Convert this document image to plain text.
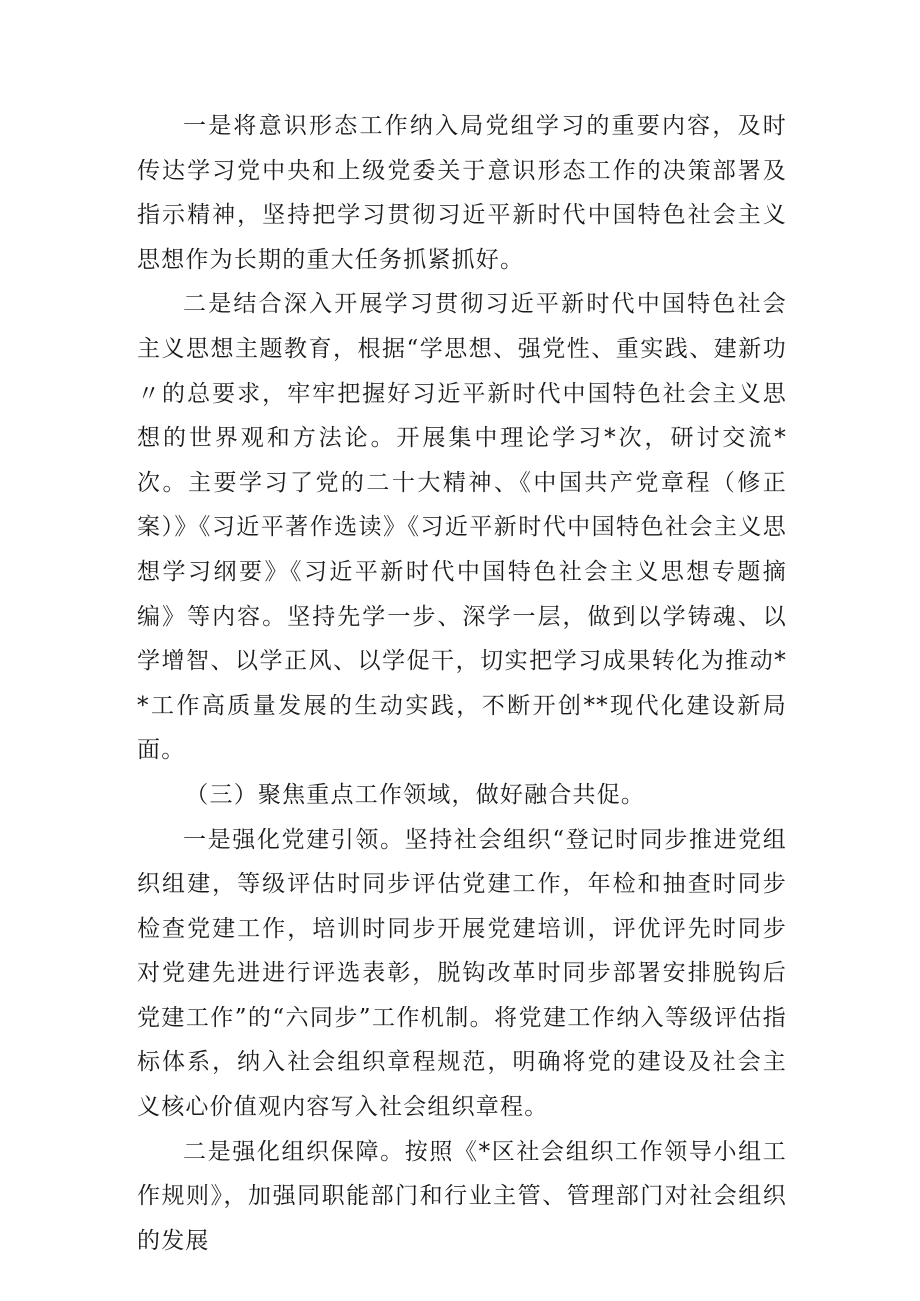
一是将意识形态工作纳入局党组学习的重要内容，及时传达学习党中央和上级党委关于意识形态工作的决策部署及指示精神，坚持把学习贯彻习近平新时代中国特色社会主义思想作为长期的重大任务抓紧抓好。

二是结合深入开展学习贯彻习近平新时代中国特色社会主义思想主题教育，根据“学思想、强党性、重实践、建新功〃的总要求，牢牢把握好习近平新时代中国特色社会主义思想的世界观和方法论。开展集中理论学习*次，研讨交流*次。主要学习了党的二十大精神、《中国共产党章程（修正案）》《习近平著作选读》《习近平新时代中国特色社会主义思想学习纲要》《习近平新时代中国特色社会主义思想专题摘编》等内容。坚持先学一步、深学一层，做到以学铸魂、以学增智、以学正风、以学促干，切实把学习成果转化为推动**工作高质量发展的生动实践，不断开创**现代化建设新局面。

（三）聚焦重点工作领域，做好融合共促。

一是强化党建引领。坚持社会组织“登记时同步推进党组织组建，等级评估时同步评估党建工作，年检和抽查时同步检查党建工作，培训时同步开展党建培训，评优评先时同步对党建先进进行评选表彰，脱钩改革时同步部署安排脱钩后党建工作”的“六同步”工作机制。将党建工作纳入等级评估指标体系，纳入社会组织章程规范，明确将党的建设及社会主义核心价值观内容写入社会组织章程。

二是强化组织保障。按照《*区社会组织工作领导小组工作规则》，加强同职能部门和行业主管、管理部门对社会组织的发展
